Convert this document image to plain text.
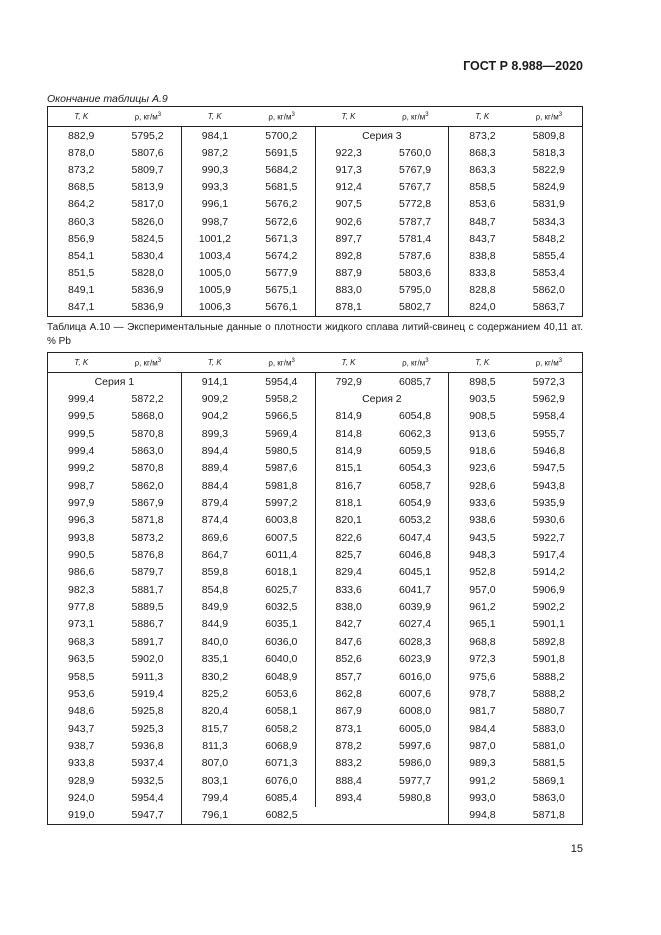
ГОСТ Р 8.988—2020
Окончание таблицы А.9
T, K	ρ, $кг/м^3$	T, K	ρ, $кг/м^3$	T, K	ρ, $кг/м^3$	T, K	ρ, $кг/м^3$
882,9	5795,2	984,1	5700,2	Серия 3		873,2	5809,8
878,0	5807,6	987,2	5691,5	922,3	5760,0	868,3	5818,3
873,2	5809,7	990,3	5684,2	917,3	5767,9	863,3	5822,9
868,5	5813,9	993,3	5681,5	912,4	5767,7	858,5	5824,9
864,2	5817,0	996,1	5676,2	907,5	5772,8	853,6	5831,9
860,3	5826,0	998,7	5672,6	902,6	5787,7	848,7	5834,3
856,9	5824,5	1001,2	5671,3	897,7	5781,4	843,7	5848,2
854,1	5830,4	1003,4	5674,2	892,8	5787,6	838,8	5855,4
851,5	5828,0	1005,0	5677,9	887,9	5803,6	833,8	5853,4
849,1	5836,9	1005,9	5675,1	883,0	5795,0	828,8	5862,0
847,1	5836,9	1006,3	5676,1	878,1	5802,7	824,0	5863,7
Таблица А.10 — Экспериментальные данные о плотности жидкого сплава литий-свинец с содержанием 40,11 ат. % Pb
T, K	ρ, $кг/м^3$	T, K	ρ, $кг/м^3$	T, K	ρ, $кг/м^3$	T, K	ρ, $кг/м^3$
Серия 1		914,1	5954,4	792,9	6085,7	898,5	5972,3
999,4	5872,2	909,2	5958,2	Серия 2		903,5	5962,9
999,5	5868,0	904,2	5966,5	814,9	6054,8	908,5	5958,4
999,5	5870,8	899,3	5969,4	814,8	6062,3	913,6	5955,7
999,4	5863,0	894,4	5980,5	814,9	6059,5	918,6	5946,8
999,2	5870,8	889,4	5987,6	815,1	6054,3	923,6	5947,5
998,7	5862,0	884,4	5981,8	816,7	6058,7	928,6	5943,8
997,9	5867,9	879,4	5997,2	818,1	6054,9	933,6	5935,9
996,3	5871,8	874,4	6003,8	820,1	6053,2	938,6	5930,6
993,8	5873,2	869,6	6007,5	822,6	6047,4	943,5	5922,7
990,5	5876,8	864,7	6011,4	825,7	6046,8	948,3	5917,4
986,6	5879,7	859,8	6018,1	829,4	6045,1	952,8	5914,2
982,3	5881,7	854,8	6025,7	833,6	6041,7	957,0	5906,9
977,8	5889,5	849,9	6032,5	838,0	6039,9	961,2	5902,2
973,1	5886,7	844,9	6035,1	842,7	6027,4	965,1	5901,1
968,3	5891,7	840,0	6036,0	847,6	6028,3	968,8	5892,8
963,5	5902,0	835,1	6040,0	852,6	6023,9	972,3	5901,8
958,5	5911,3	830,2	6048,9	857,7	6016,0	975,6	5888,2
953,6	5919,4	825,2	6053,6	862,8	6007,6	978,7	5888,2
948,6	5925,8	820,4	6058,1	867,9	6008,0	981,7	5880,7
943,7	5925,3	815,7	6058,2	873,1	6005,0	984,4	5883,0
938,7	5936,8	811,3	6068,9	878,2	5997,6	987,0	5881,0
933,8	5937,4	807,0	6071,3	883,2	5986,0	989,3	5881,5
928,9	5932,5	803,1	6076,0	888,4	5977,7	991,2	5869,1
924,0	5954,4	799,4	6085,4	893,4	5980,8	993,0	5863,0
919,0	5947,7	796,1	6082,5			994,8	5871,8
15
